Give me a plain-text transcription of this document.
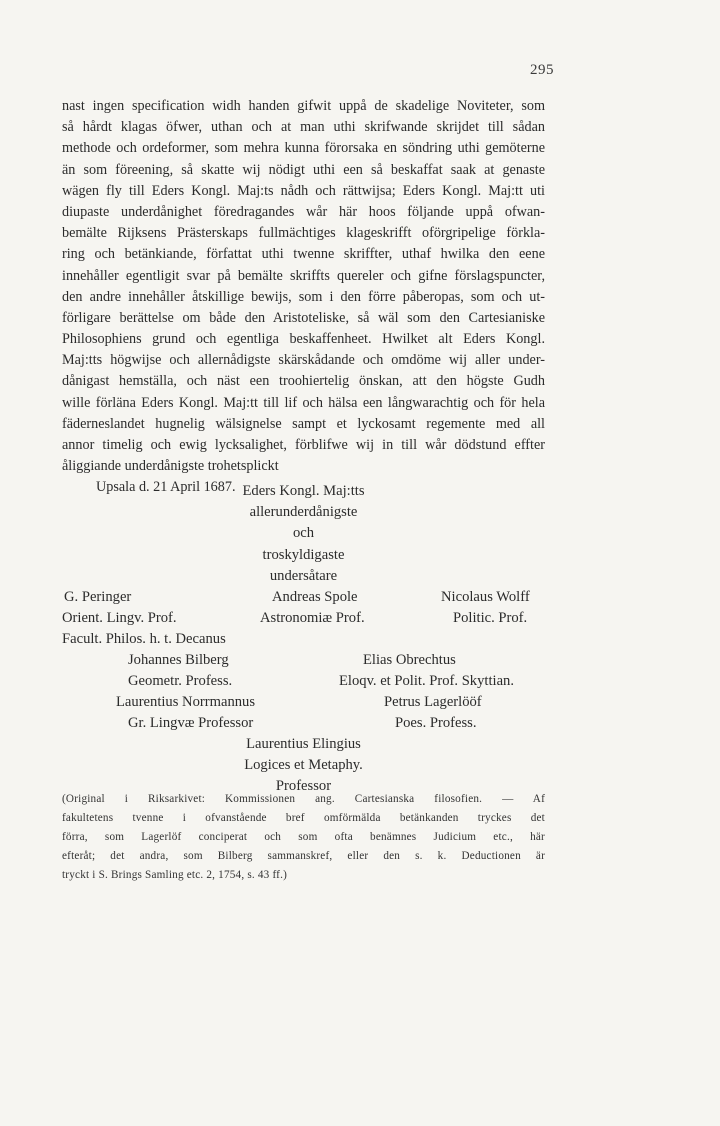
295
nast ingen specification widh handen gifwit uppå de skadelige Noviteter, som
så hårdt klagas öfwer, uthan och at man uthi skrifwande skrijdet till sådan
methode och ordeformer, som mehra kunna förorsaka en söndring uthi gemöterne
än som föreening, så skatte wij nödigt uthi een så beskaffat saak at genaste
wägen fly till Eders Kongl. Maj:ts nådh och rättwijsa; Eders Kongl. Maj:tt uti
diupaste underdånighet föredragandes wår här hoos följande uppå ofwan-
bemälte Rijksens Prästerskaps fullmächtiges klageskrifft oförgripelige förkla-
ring och betänkiande, författat uthi twenne skriffter, uthaf hwilka den eene
innehåller egentligit svar på bemälte skriffts quereler och gifne förslagspuncter,
den andre innehåller åtskillige bewijs, som i den förre påberopas, som och ut-
förligare berättelse om både den Aristoteliske, så wäl som den Cartesianiske
Philosophiens grund och egentliga beskaffenheet. Hwilket alt Eders Kongl.
Maj:tts högwijse och allernådigste skärskådande och omdöme wij aller under-
dånigast hemställa, och näst een troohiertelig önskan, att den högste Gudh
wille förläna Eders Kongl. Maj:tt till lif och hälsa een långwarachtig och för hela
fäderneslandet hugnelig wälsignelse sampt et lyckosamt regemente med all
annor timelig och ewig lycksalighet, förblifwe wij in till wår dödstund effter
åliggiande underdånigste trohetsplickt
Upsala d. 21 April 1687. Eders Kongl. Maj:tts
allerunderdånigste
och
troskyldigaste
undersåtare
G. Peringer
Orient. Lingv. Prof.
Facult. Philos. h. t. Decanus
Andreas Spole
Astronomiæ Prof.
Nicolaus Wolff
Politic. Prof.
Johannes Bilberg
Geometr. Profess.
Elias Obrechtus
Eloqv. et Polit. Prof. Skyttian.
Laurentius Norrmannus
Gr. Lingvæ Professor
Petrus Lagerlööf
Poes. Profess.
Laurentius Elingius
Logices et Metaphy.
Professor
(Original i Riksarkivet: Kommissionen ang. Cartesianska filosofien. — Af
fakultetens tvenne i ofvanstående bref omförmälda betänkanden tryckes det
förra, som Lagerlöf conciperat och som ofta benämnes Judicium etc., här
efteråt; det andra, som Bilberg sammanskref, eller den s. k. Deductionen är
tryckt i S. Brings Samling etc. 2, 1754, s. 43 ff.)
